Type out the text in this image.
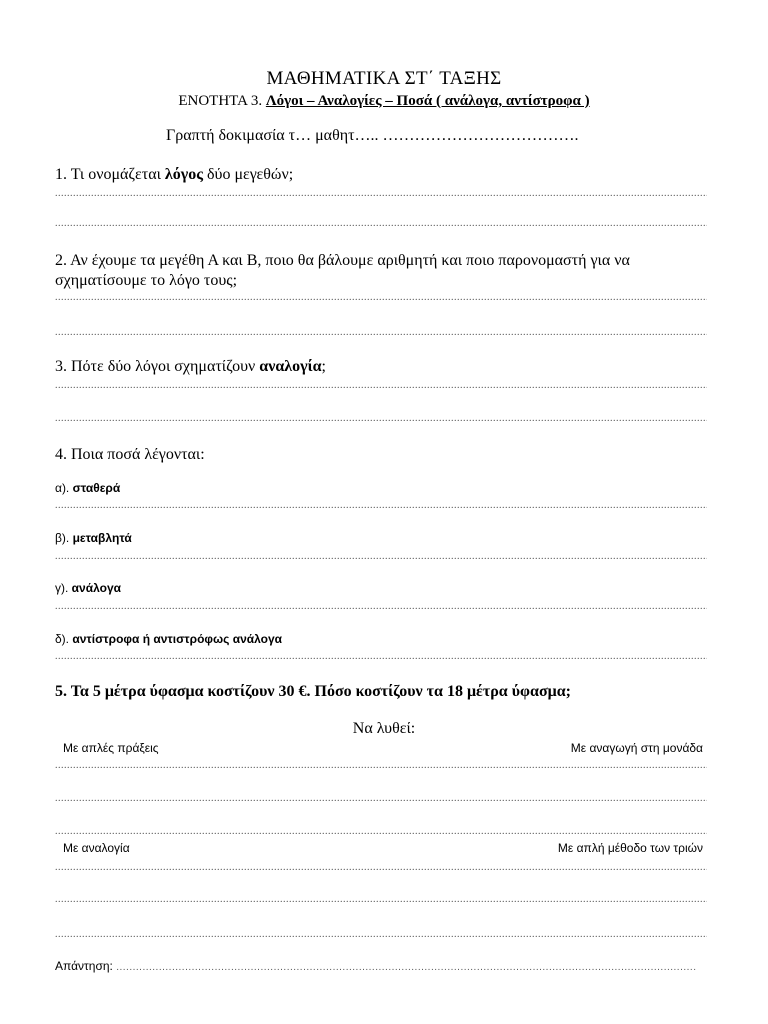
ΜΑΘΗΜΑΤΙΚΑ ΣΤ΄ ΤΑΞΗΣ
ΕΝΟΤΗΤΑ 3. Λόγοι – Αναλογίες – Ποσά ( ανάλογα, αντίστροφα )
Γραπτή δοκιμασία τ… μαθητ….. ……………………………….
1. Τι ονομάζεται λόγος δύο μεγεθών;
.....
.....
2. Αν έχουμε τα μεγέθη Α και Β, ποιο θα βάλουμε αριθμητή και ποιο παρονομαστή για να
σχηματίσουμε το λόγο τους;
.....
.....
3. Πότε δύο λόγοι σχηματίζουν αναλογία;
.....
.....
4. Ποια ποσά λέγονται:
α). σταθερά
.....
β). μεταβλητά
.....
γ). ανάλογα
.....
δ). αντίστροφα ή αντιστρόφως ανάλογα
.....
5. Τα 5 μέτρα ύφασμα κοστίζουν 30 €. Πόσο κοστίζουν τα 18 μέτρα ύφασμα;
Να λυθεί:
Με απλές πράξεις	Με αναγωγή στη μονάδα
.....
.....
.....
Με αναλογία	Με απλή μέθοδο των τριών
.....
.....
.....
Απάντηση: .....
